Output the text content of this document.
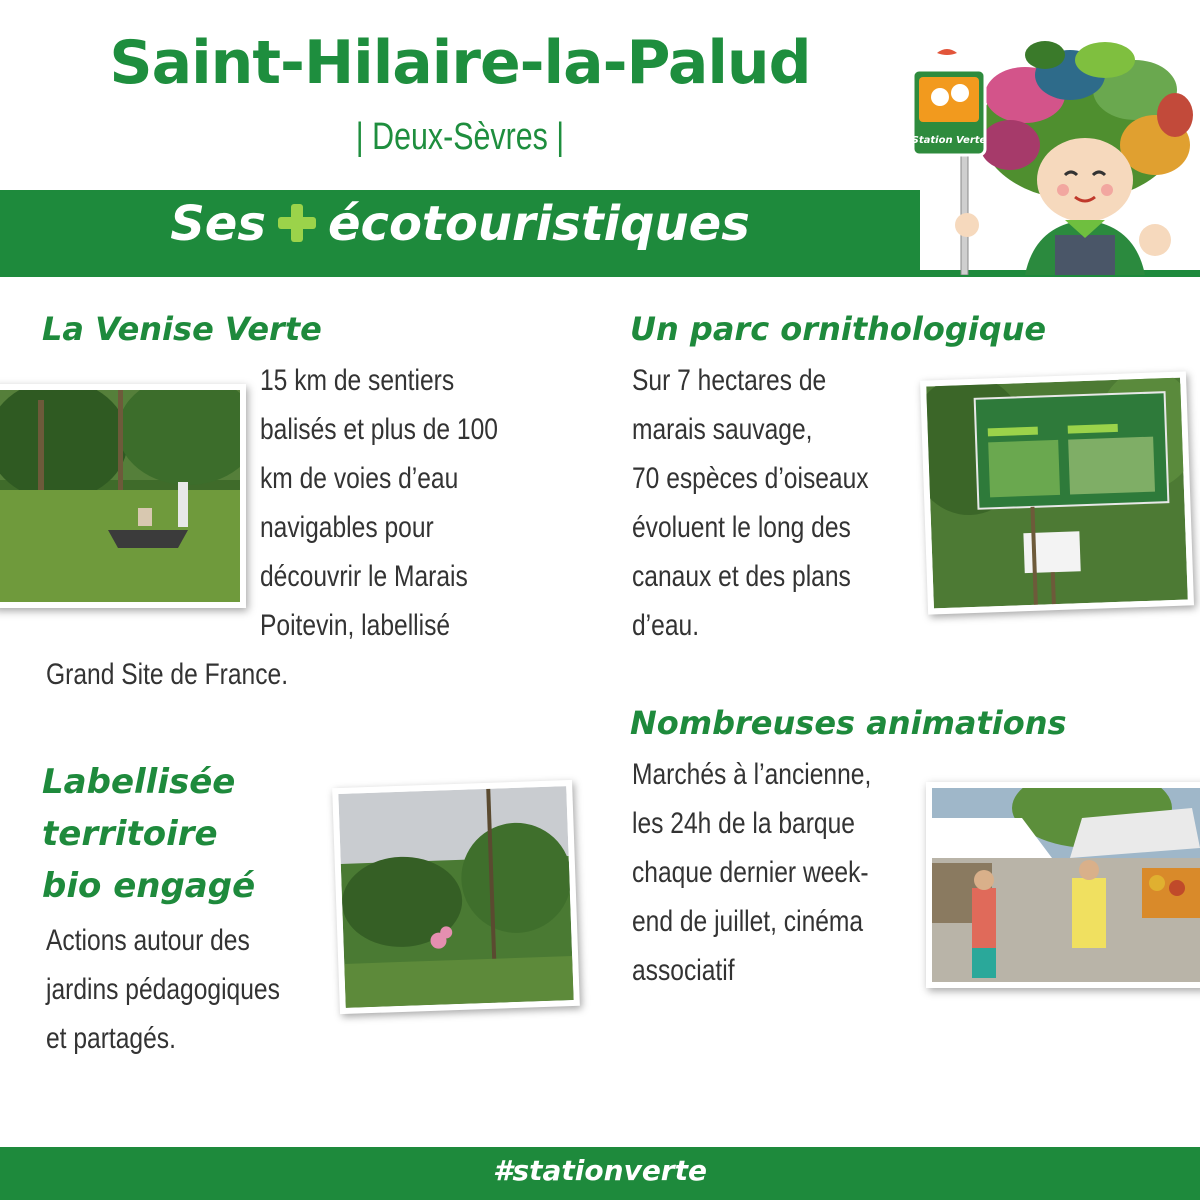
Saint-Hilaire-la-Palud
| Deux-Sèvres |
Ses écotouristiques
Station Verte
La Venise Verte
15 km de sentiers
balisés et plus de 100
km de voies d’eau
navigables pour
découvrir le Marais
Poitevin, labellisé
Grand Site de France.
Labellisée
territoire
bio engagé
Actions autour des
jardins pédagogiques
et partagés.
Un parc ornithologique
Sur 7 hectares de
marais sauvage,
70 espèces d’oiseaux
évoluent le long des
canaux et des plans
d’eau.
Nombreuses animations
Marchés à l’ancienne,
les 24h de la barque
chaque dernier week-
end de juillet, cinéma
associatif
#stationverte
